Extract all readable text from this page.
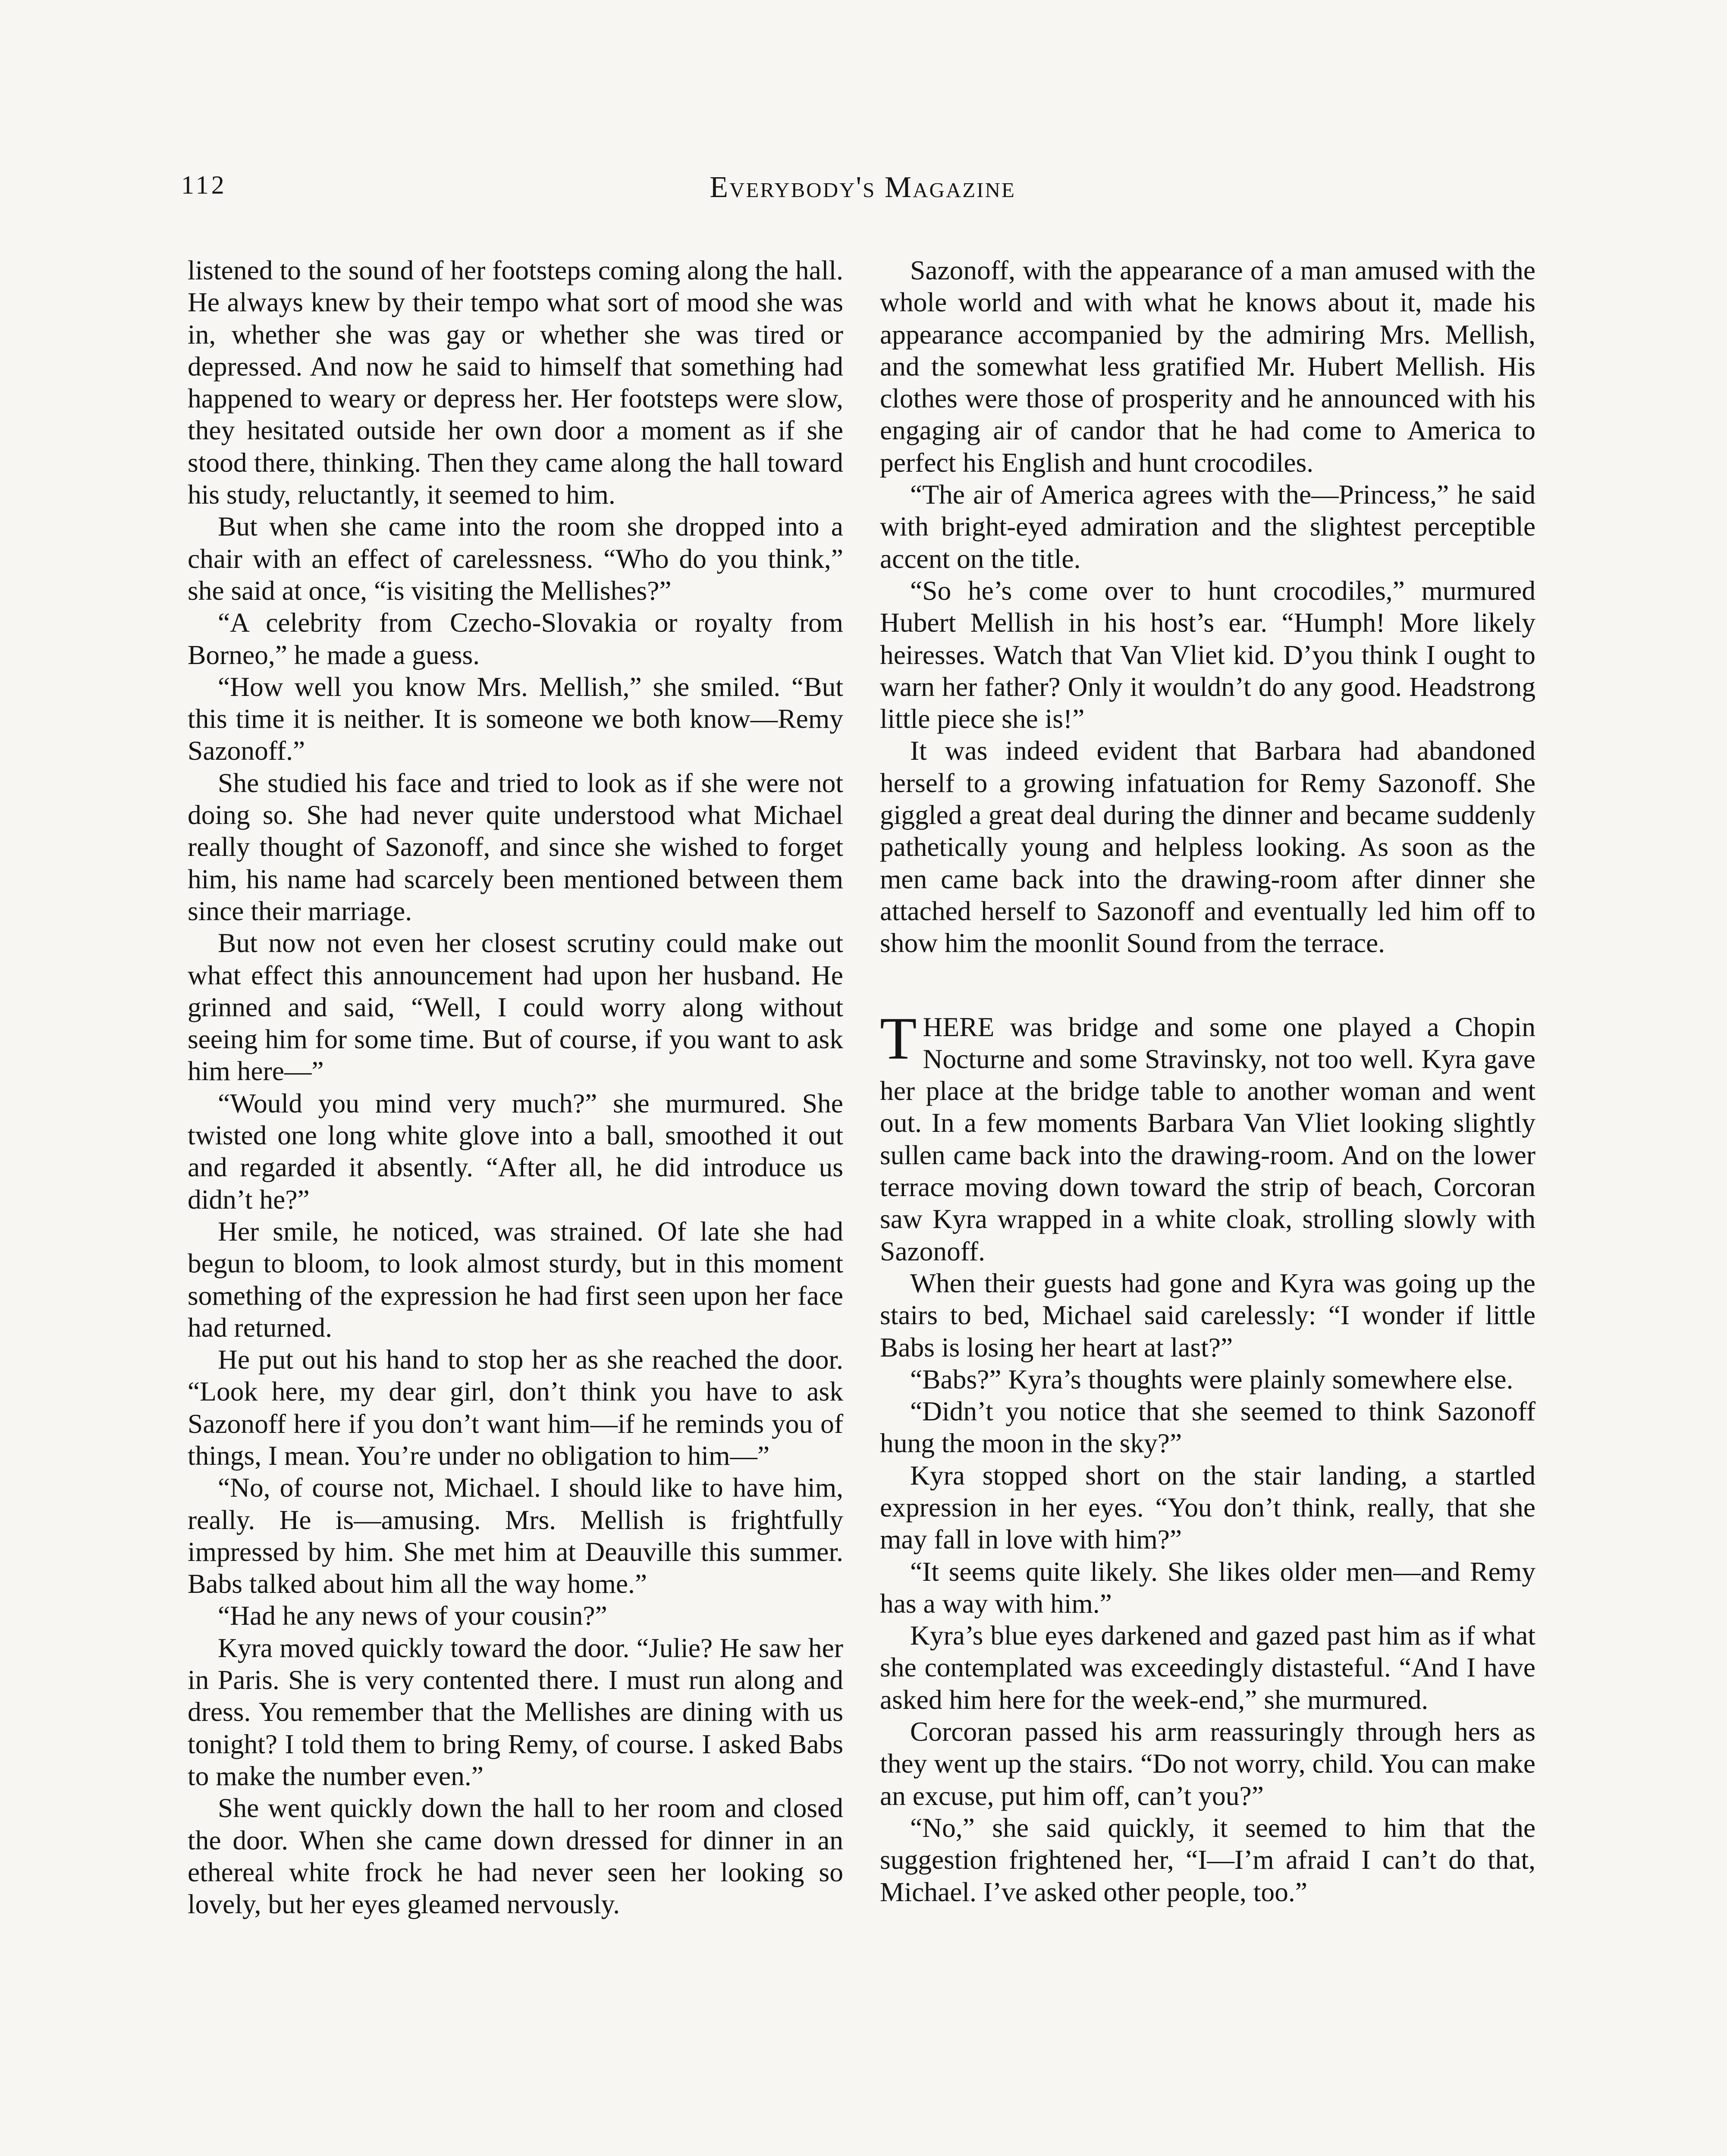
112	Everybody's Magazine

listened to the sound of her footsteps coming along the hall. He always knew by their tempo what sort of mood she was in, whether she was gay or whether she was tired or depressed. And now he said to himself that something had happened to weary or depress her. Her footsteps were slow, they hesitated outside her own door a moment as if she stood there, thinking. Then they came along the hall toward his study, reluctantly, it seemed to him.

But when she came into the room she dropped into a chair with an effect of carelessness. “Who do you think,” she said at once, “is visiting the Mellishes?”

“A celebrity from Czecho-Slovakia or royalty from Borneo,” he made a guess.

“How well you know Mrs. Mellish,” she smiled. “But this time it is neither. It is someone we both know—Remy Sazonoff.”

She studied his face and tried to look as if she were not doing so. She had never quite understood what Michael really thought of Sazonoff, and since she wished to forget him, his name had scarcely been mentioned between them since their marriage.

But now not even her closest scrutiny could make out what effect this announcement had upon her husband. He grinned and said, “Well, I could worry along without seeing him for some time. But of course, if you want to ask him here—”

“Would you mind very much?” she murmured. She twisted one long white glove into a ball, smoothed it out and regarded it absently. “After all, he did introduce us didn’t he?”

Her smile, he noticed, was strained. Of late she had begun to bloom, to look almost sturdy, but in this moment something of the expression he had first seen upon her face had returned.

He put out his hand to stop her as she reached the door. “Look here, my dear girl, don’t think you have to ask Sazonoff here if you don’t want him—if he reminds you of things, I mean. You’re under no obligation to him—”

“No, of course not, Michael. I should like to have him, really. He is—amusing. Mrs. Mellish is frightfully impressed by him. She met him at Deauville this summer. Babs talked about him all the way home.”

“Had he any news of your cousin?”

Kyra moved quickly toward the door. “Julie? He saw her in Paris. She is very contented there. I must run along and dress. You remember that the Mellishes are dining with us tonight? I told them to bring Remy, of course. I asked Babs to make the number even.”

She went quickly down the hall to her room and closed the door. When she came down dressed for dinner in an ethereal white frock he had never seen her looking so lovely, but her eyes gleamed nervously.

Sazonoff, with the appearance of a man amused with the whole world and with what he knows about it, made his appearance accompanied by the admiring Mrs. Mellish, and the somewhat less gratified Mr. Hubert Mellish. His clothes were those of prosperity and he announced with his engaging air of candor that he had come to America to perfect his English and hunt crocodiles.

“The air of America agrees with the—Princess,” he said with bright-eyed admiration and the slightest perceptible accent on the title.

“So he’s come over to hunt crocodiles,” murmured Hubert Mellish in his host’s ear. “Humph! More likely heiresses. Watch that Van Vliet kid. D’you think I ought to warn her father? Only it wouldn’t do any good. Headstrong little piece she is!”

It was indeed evident that Barbara had abandoned herself to a growing infatuation for Remy Sazonoff. She giggled a great deal during the dinner and became suddenly pathetically young and helpless looking. As soon as the men came back into the drawing-room after dinner she attached herself to Sazonoff and eventually led him off to show him the moonlit Sound from the terrace.

THERE was bridge and some one played a Chopin Nocturne and some Stravinsky, not too well. Kyra gave her place at the bridge table to another woman and went out. In a few moments Barbara Van Vliet looking slightly sullen came back into the drawing-room. And on the lower terrace moving down toward the strip of beach, Corcoran saw Kyra wrapped in a white cloak, strolling slowly with Sazonoff.

When their guests had gone and Kyra was going up the stairs to bed, Michael said carelessly: “I wonder if little Babs is losing her heart at last?”

“Babs?” Kyra’s thoughts were plainly somewhere else.

“Didn’t you notice that she seemed to think Sazonoff hung the moon in the sky?”

Kyra stopped short on the stair landing, a startled expression in her eyes. “You don’t think, really, that she may fall in love with him?”

“It seems quite likely. She likes older men—and Remy has a way with him.”

Kyra’s blue eyes darkened and gazed past him as if what she contemplated was exceedingly distasteful. “And I have asked him here for the week-end,” she murmured.

Corcoran passed his arm reassuringly through hers as they went up the stairs. “Do not worry, child. You can make an excuse, put him off, can’t you?”

“No,” she said quickly, it seemed to him that the suggestion frightened her, “I—I’m afraid I can’t do that, Michael. I’ve asked other people, too.”
